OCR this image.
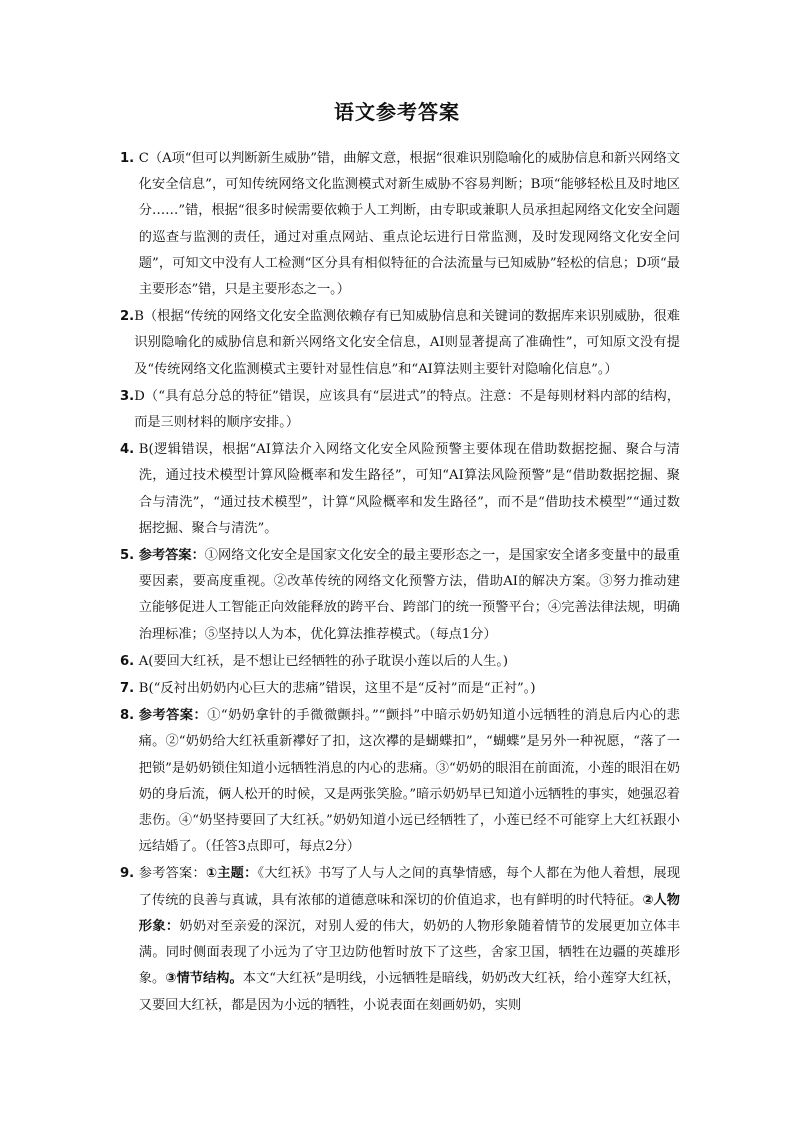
语文参考答案
1. C（A项“但可以判断新生威胁”错，曲解文意，根据“很难识别隐喻化的威胁信息和新兴网络文化安全信息”，可知传统网络文化监测模式对新生威胁不容易判断；B项“能够轻松且及时地区分……”错，根据“很多时候需要依赖于人工判断，由专职或兼职人员承担起网络文化安全问题的巡查与监测的责任，通过对重点网站、重点论坛进行日常监测，及时发现网络文化安全问题”，可知文中没有人工检测“区分具有相似特征的合法流量与已知威胁”轻松的信息；D项“最主要形态”错，只是主要形态之一。）
2. B（根据“传统的网络文化安全监测依赖存有已知威胁信息和关键词的数据库来识别威胁，很难识别隐喻化的威胁信息和新兴网络文化安全信息，AI则显著提高了准确性”，可知原文没有提及“传统网络文化监测模式主要针对显性信息”和“AI算法则主要针对隐喻化信息”。）
3. D（“具有总分总的特征”错误，应该具有“层进式”的特点。注意：不是每则材料内部的结构，而是三则材料的顺序安排。）
4. B(逻辑错误，根据“AI算法介入网络文化安全风险预警主要体现在借助数据挖掘、聚合与清洗，通过技术模型计算风险概率和发生路径”，可知“AI算法风险预警”是“借助数据挖掘、聚合与清洗”，“通过技术模型”，计算“风险概率和发生路径”，而不是“借助技术模型”“通过数据挖掘、聚合与清洗”。
5. 参考答案：①网络文化安全是国家文化安全的最主要形态之一，是国家安全诸多变量中的最重要因素，要高度重视。②改革传统的网络文化预警方法，借助AI的解决方案。③努力推动建立能够促进人工智能正向效能释放的跨平台、跨部门的统一预警平台；④完善法律法规，明确治理标准；⑤坚持以人为本，优化算法推荐模式。（每点1分）
6. A(要回大红袄，是不想让已经牺牲的孙子耽误小莲以后的人生。)
7. B(“反衬出奶奶内心巨大的悲痛”错误，这里不是“反衬”而是“正衬”。)
8. 参考答案：①“奶奶拿针的手微微颤抖。”“颤抖”中暗示奶奶知道小远牺牲的消息后内心的悲痛。②“奶奶给大红袄重新襻好了扣，这次襻的是蝴蝶扣”，“蝴蝶”是另外一种祝愿，“落了一把锁”是奶奶锁住知道小远牺牲消息的内心的悲痛。③“奶奶的眼泪在前面流，小莲的眼泪在奶奶的身后流，俩人松开的时候，又是两张笑脸。”暗示奶奶早已知道小远牺牲的事实，她强忍着悲伤。④“奶坚持要回了大红袄。”奶奶知道小远已经牺牲了，小莲已经不可能穿上大红袄跟小远结婚了。（任答3点即可，每点2分）
9. 参考答案：①主题：《大红袄》书写了人与人之间的真挚情感，每个人都在为他人着想，展现了传统的良善与真诚，具有浓郁的道德意味和深切的价值追求，也有鲜明的时代特征。②人物形象：奶奶对至亲爱的深沉，对别人爱的伟大，奶奶的人物形象随着情节的发展更加立体丰满。同时侧面表现了小远为了守卫边防他暂时放下了这些，舍家卫国，牺牲在边疆的英雄形象。③情节结构。本文“大红袄”是明线，小远牺牲是暗线，奶奶改大红袄，给小莲穿大红袄，又要回大红袄，都是因为小远的牺牲，小说表面在刻画奶奶，实则
